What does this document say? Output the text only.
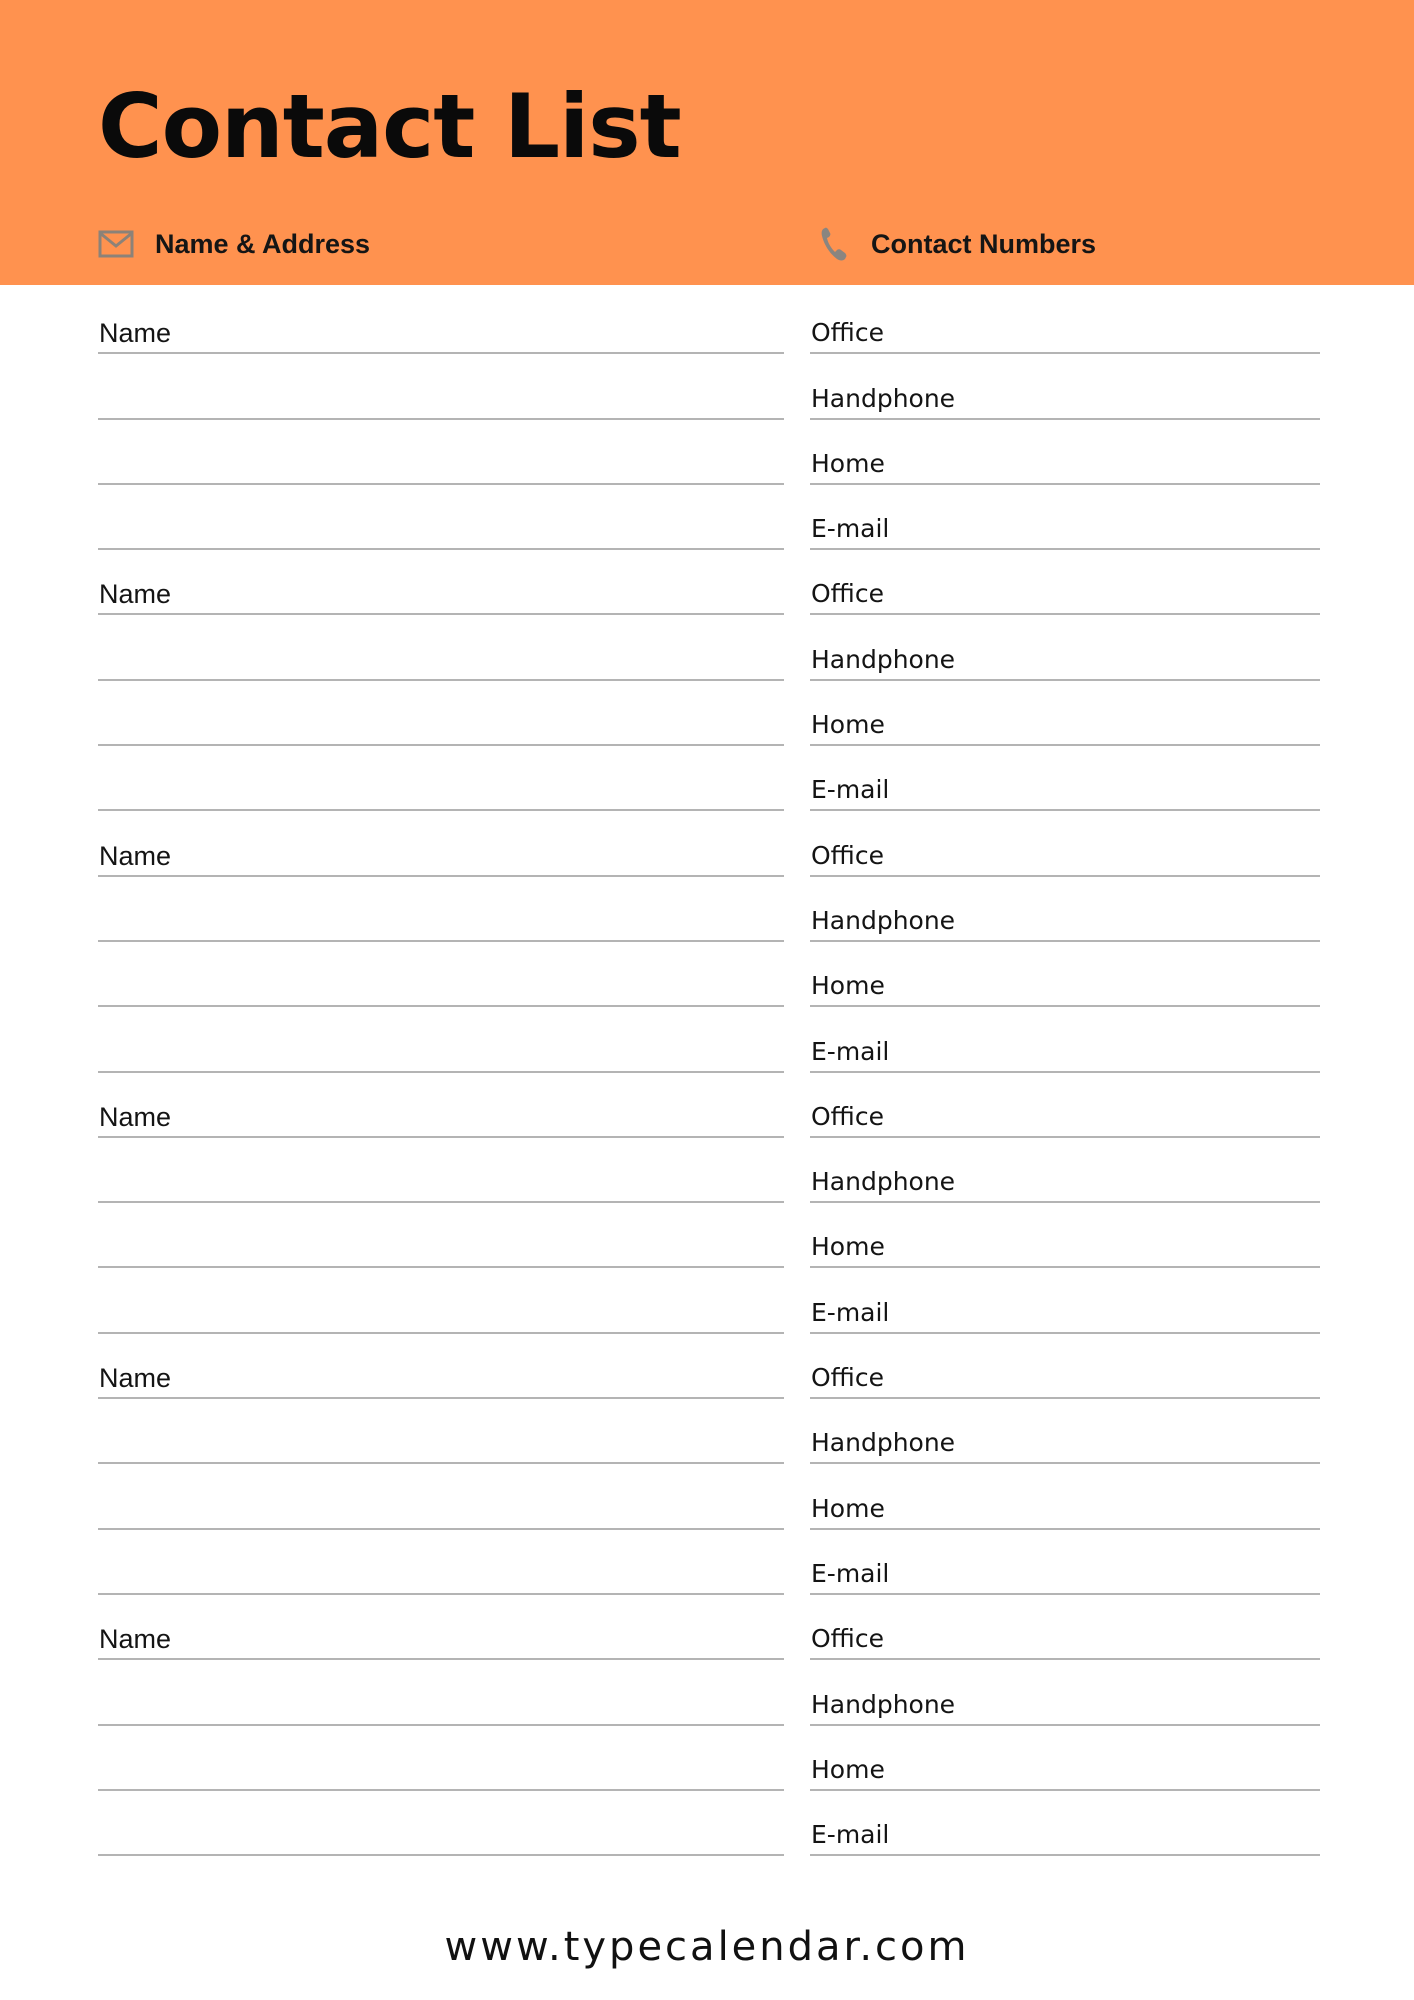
Contact List
Name & Address	Contact Numbers
Name
Name
Name
Name
Name
Name
Office
Handphone
Home
E-mail
Office
Handphone
Home
E-mail
Office
Handphone
Home
E-mail
Office
Handphone
Home
E-mail
Office
Handphone
Home
E-mail
Office
Handphone
Home
E-mail
www.typecalendar.com
